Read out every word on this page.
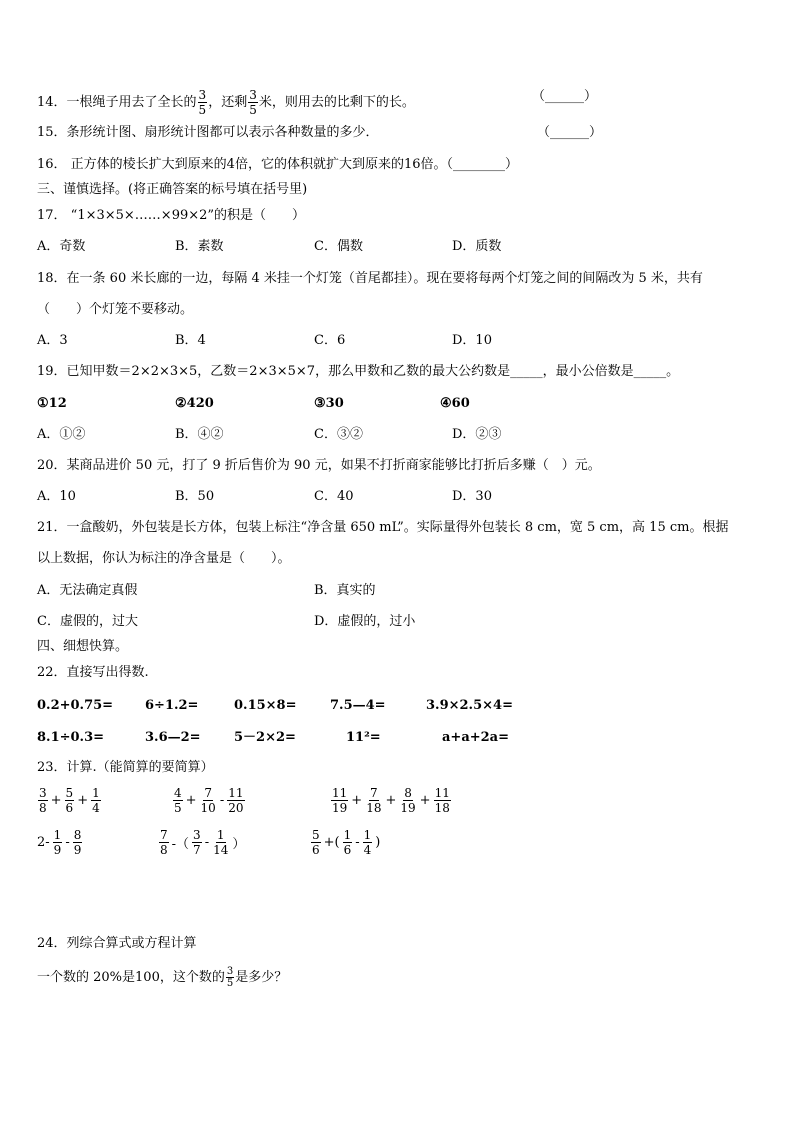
14．一根绳子用去了全长的 $\frac{3}{5}$ ，还剩 $\frac{3}{5}$ 米，则用去的比剩下的长。	（______）
15．条形统计图、扇形统计图都可以表示各种数量的多少．	（______）
16． 正方体的棱长扩大到原来的4倍，它的体积就扩大到原来的16倍。（________）
三、谨慎选择。(将正确答案的标号填在括号里)
17． “1×3×5×……×99×2”的积是（　　）
A．奇数	B．素数	C．偶数	D．质数
18．在一条 60 米长廊的一边，每隔 4 米挂一个灯笼（首尾都挂）。现在要将每两个灯笼之间的间隔改为 5 米，共有
（　　）个灯笼不要移动。
A．3	B．4	C．6	D．10
19．已知甲数＝2×2×3×5，乙数＝2×3×5×7，那么甲数和乙数的最大公约数是_____，最小公倍数是_____。
①12	②420	③30	④60
A．①②	B．④②	C．③②	D．②③
20．某商品进价 50 元，打了 9 折后售价为 90 元，如果不打折商家能够比打折后多赚（　）元。
A．10	B．50	C．40	D．30
21．一盒酸奶，外包装是长方体，包装上标注“净含量 650 mL”。实际量得外包装长 8 cm，宽 5 cm，高 15 cm。根据
以上数据，你认为标注的净含量是（　　）。
A．无法确定真假	B．真实的
C．虚假的，过大	D．虚假的，过小
四、细想快算。
22．直接写出得数.
0.2+0.75= 6÷1.2=	0.15×8=	7.5—4=	3.9×2.5×4=
8.1÷0.3=	3.6—2=	5－2×2=	11²=	a+a+2a=
23．计算.（能简算的要简算）
$\frac{3}{8} + \frac{5}{6} + \frac{1}{4}$	$\frac{4}{5} + \frac{7}{10} - \frac{11}{20}$	$\frac{11}{19} + \frac{7}{18} + \frac{8}{19} + \frac{11}{18}$
$2- \frac{1}{9} - \frac{8}{9}$	$\frac{7}{8}$ -（ $\frac{3}{7} - \frac{1}{14}$ ）	$\frac{5}{6}$ +( $\frac{1}{6} - \frac{1}{4}$ )
24．列综合算式或方程计算
一个数的 20%是100，这个数的 $\frac{3}{5}$ 是多少？
